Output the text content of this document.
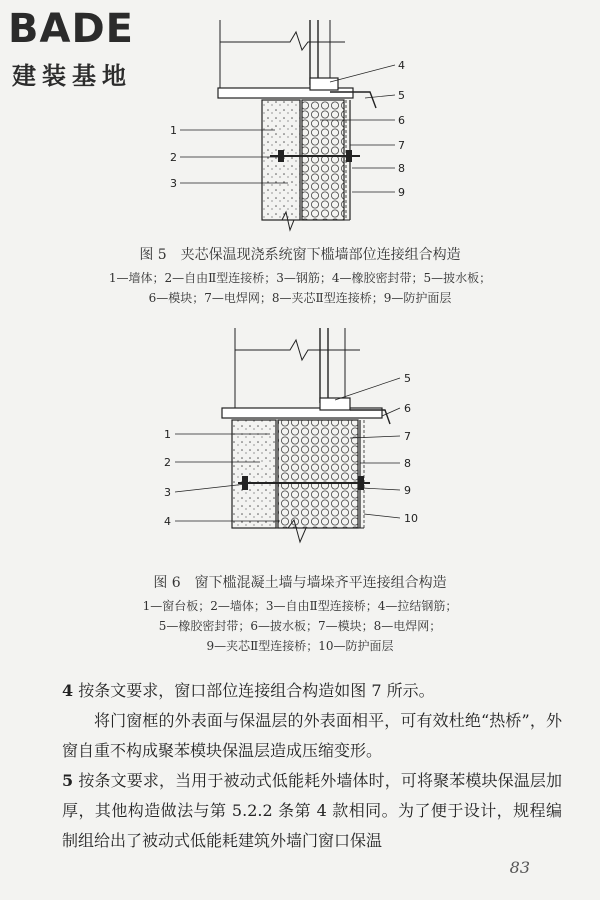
BADE
建装基地
1
2
3
4
5
6
7
8
9
图 5　夹芯保温现浇系统窗下槛墙部位连接组合构造
1—墙体；2—自由Ⅱ型连接桥；3—钢筋；4—橡胶密封带；5—披水板；
6—模块；7—电焊网；8—夹芯Ⅱ型连接桥；9—防护面层
1
2
3
4
5
6
7
8
9
10
图 6　窗下槛混凝土墙与墙垛齐平连接组合构造
1—窗台板；2—墙体；3—自由Ⅱ型连接桥；4—拉结钢筋；
5—橡胶密封带；6—披水板；7—模块；8—电焊网；
9—夹芯Ⅱ型连接桥；10—防护面层
4 按条文要求，窗口部位连接组合构造如图 7 所示。
将门窗框的外表面与保温层的外表面相平，可有效杜绝“热桥”，外窗自重不构成聚苯模块保温层造成压缩变形。
5 按条文要求，当用于被动式低能耗外墙体时，可将聚苯模块保温层加厚，其他构造做法与第 5.2.2 条第 4 款相同。为了便于设计，规程编制组给出了被动式低能耗建筑外墙门窗口保温
83
